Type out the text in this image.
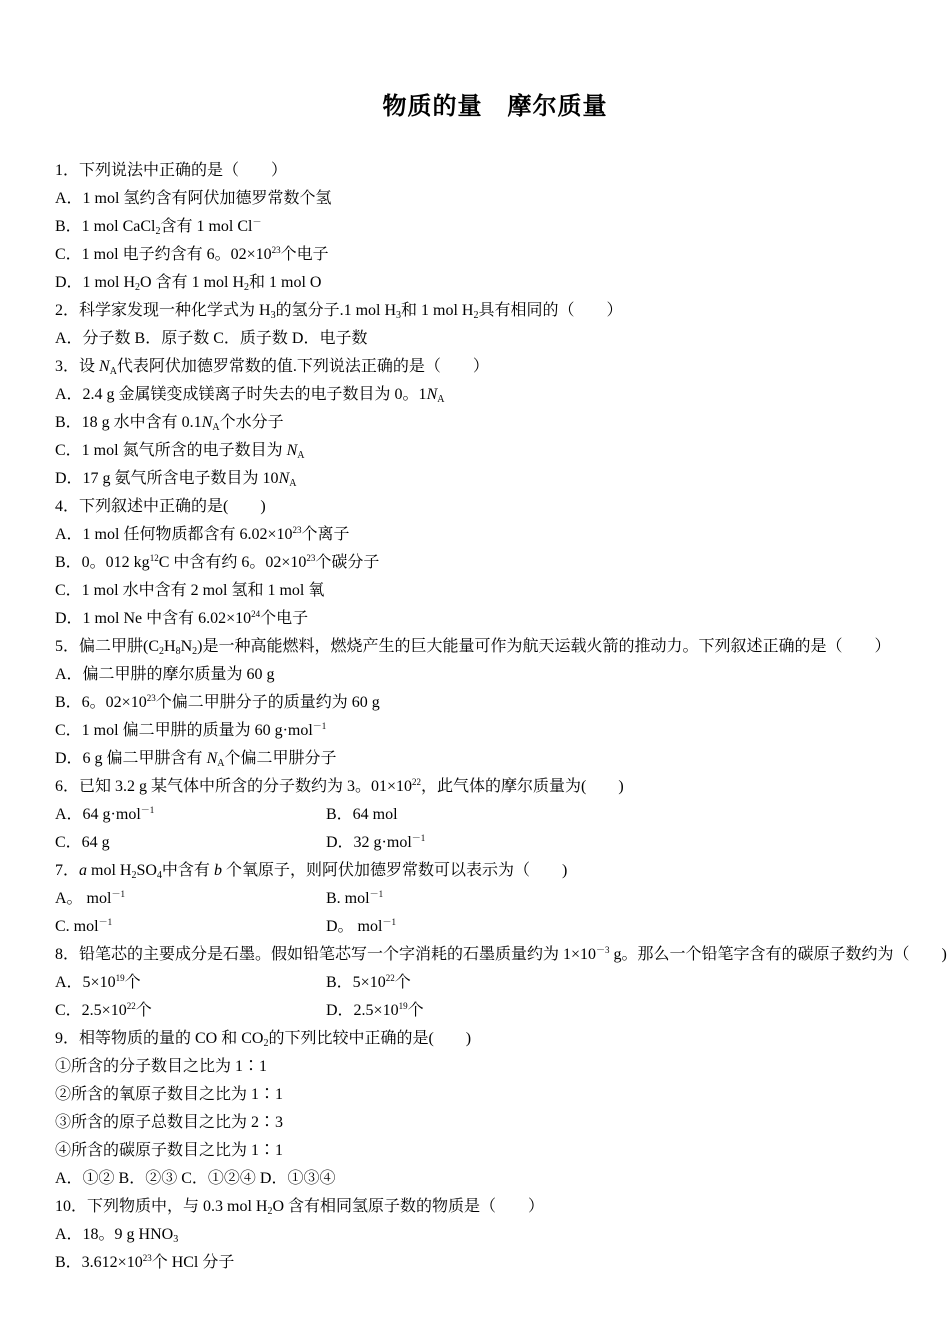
物质的量　摩尔质量
1．下列说法中正确的是（　　）
A．1 mol 氢约含有阿伏加德罗常数个氢
B．1 mol CaCl$_2$含有 1 mol Cl－
C．1 mol 电子约含有 6。$02\times 10^{23}$个电子
D．1 mol $H_2O$ 含有 1 mol $H_2$和 1 mol O
2．科学家发现一种化学式为 $H_3$的氢分子.1 mol $H_3$和 1 mol $H_2$具有相同的（　　）
A．分子数 B．原子数 C．质子数 D．电子数
3．设 $N_A$代表阿伏加德罗常数的值.下列说法正确的是（　　）
A．2.4 g 金属镁变成镁离子时失去的电子数目为 0。$1N_A$
B．18 g 水中含有 $0.1N_A$个水分子
C．1 mol 氮气所含的电子数目为 $N_A$
D．17 g 氨气所含电子数目为 $10N_A$
4．下列叙述中正确的是(　　)
A．1 mol 任何物质都含有 $6.02\times 10^{23}$个离子
B．0。012 $kg^{12}C$ 中含有约 6。$02\times 10^{23}$个碳分子
C．1 mol 水中含有 2 mol 氢和 1 mol 氧
D．1 mol Ne 中含有 $6.02\times 10^{24}$个电子
5．偏二甲肼$(C_2H_8N_2)$是一种高能燃料，燃烧产生的巨大能量可作为航天运载火箭的推动力。下列叙述正确的是（　　）
A．偏二甲肼的摩尔质量为 60 g
B．6。$02\times 10^{23}$个偏二甲肼分子的质量约为 60 g
C．1 mol 偏二甲肼的质量为 60 g·mol$^{-1}$
D．6 g 偏二甲肼含有 $N_A$个偏二甲肼分子
6．已知 3.2 g 某气体中所含的分子数约为 3。$01\times 10^{22}$，此气体的摩尔质量为(　　)
A．64 g·mol$^{-1}$	B．64 mol
C．64 g	D．32 g·mol$^{-1}$
7．a mol $H_2SO_4$中含有 b 个氧原子，则阿伏加德罗常数可以表示为（　　)
A。 mol$^{-1}$	B. mol$^{-1}$
C. mol$^{-1}$	D。 mol$^{-1}$
8．铅笔芯的主要成分是石墨。假如铅笔芯写一个字消耗的石墨质量约为 $1\times 10^{-3}$ g。那么一个铅笔字含有的碳原子数约为（　　)
A．$5\times 10^{19}$个	B．$5\times 10^{22}$个
C．$2.5\times 10^{22}$个	D．$2.5\times 10^{19}$个
9．相等物质的量的 CO 和 $CO_2$的下列比较中正确的是(　　)
①所含的分子数目之比为 1∶1
②所含的氧原子数目之比为 1∶1
③所含的原子总数目之比为 2∶3
④所含的碳原子数目之比为 1∶1
A．①② B．②③ C．①②④ D．①③④
10．下列物质中，与 0.3 mol $H_2O$ 含有相同氢原子数的物质是（　　）
A．18。9 g $HNO_3$
B．$3.612\times 10^{23}$个 HCl 分子
